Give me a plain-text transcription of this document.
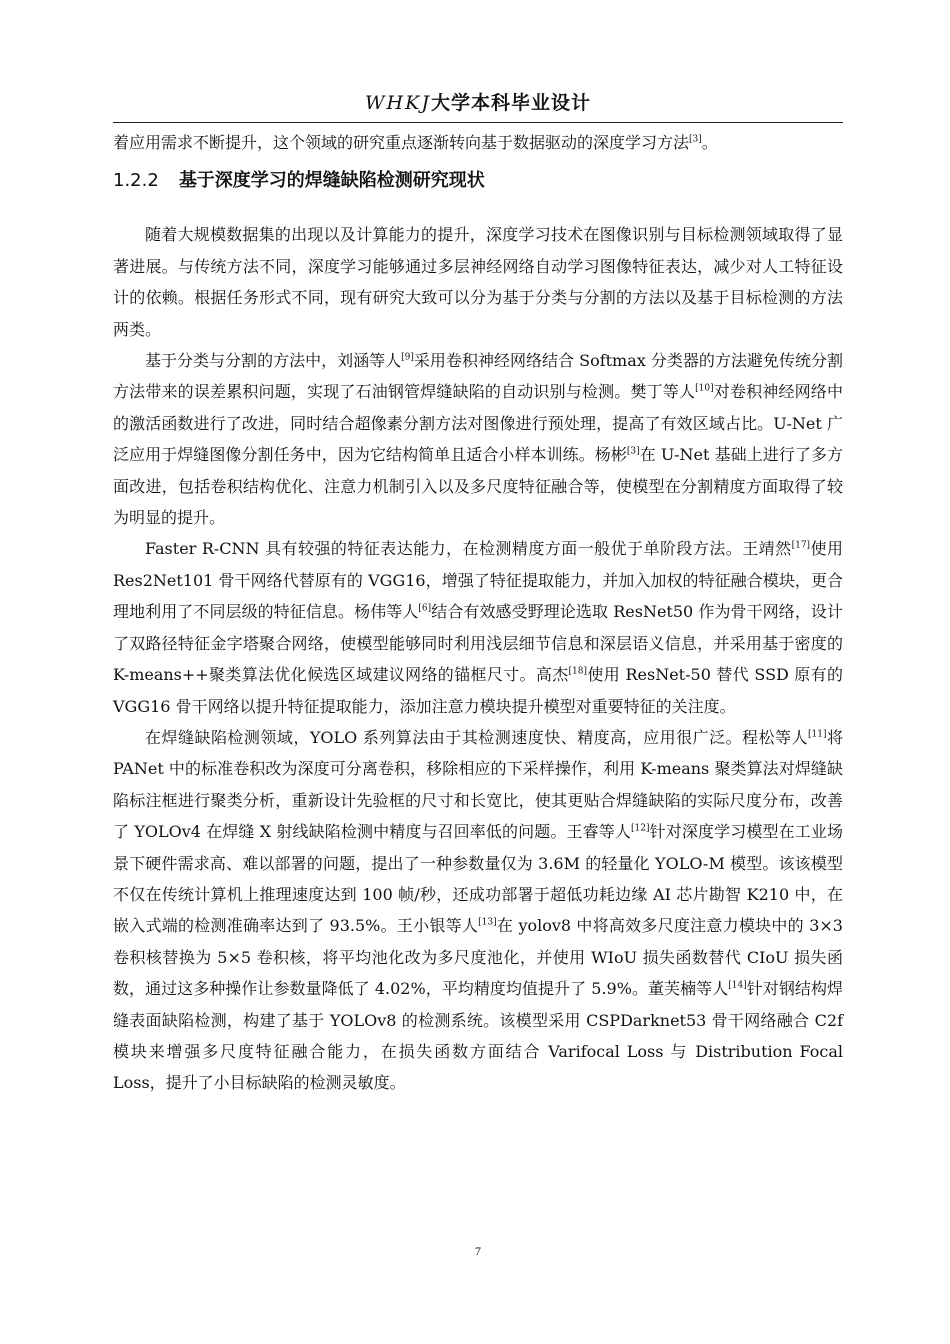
WHKJ大学本科毕业设计

着应用需求不断提升，这个领域的研究重点逐渐转向基于数据驱动的深度学习方法[3]。

1.2.2 基于深度学习的焊缝缺陷检测研究现状

随着大规模数据集的出现以及计算能力的提升，深度学习技术在图像识别与目标检测领域取得了显著进展。与传统方法不同，深度学习能够通过多层神经网络自动学习图像特征表达，减少对人工特征设计的依赖。根据任务形式不同，现有研究大致可以分为基于分类与分割的方法以及基于目标检测的方法两类。

基于分类与分割的方法中，刘涵等人[9]采用卷积神经网络结合 Softmax 分类器的方法避免传统分割方法带来的误差累积问题，实现了石油钢管焊缝缺陷的自动识别与检测。樊丁等人[10]对卷积神经网络中的激活函数进行了改进，同时结合超像素分割方法对图像进行预处理，提高了有效区域占比。U-Net 广泛应用于焊缝图像分割任务中，因为它结构简单且适合小样本训练。杨彬[3]在 U-Net 基础上进行了多方面改进，包括卷积结构优化、注意力机制引入以及多尺度特征融合等，使模型在分割精度方面取得了较为明显的提升。

Faster R-CNN 具有较强的特征表达能力，在检测精度方面一般优于单阶段方法。王靖然[17]使用 Res2Net101 骨干网络代替原有的 VGG16，增强了特征提取能力，并加入加权的特征融合模块，更合理地利用了不同层级的特征信息。杨伟等人[6]结合有效感受野理论选取 ResNet50 作为骨干网络，设计了双路径特征金字塔聚合网络，使模型能够同时利用浅层细节信息和深层语义信息，并采用基于密度的 K-means++聚类算法优化候选区域建议网络的锚框尺寸。高杰[18]使用 ResNet-50 替代 SSD 原有的 VGG16 骨干网络以提升特征提取能力，添加注意力模块提升模型对重要特征的关注度。

在焊缝缺陷检测领域，YOLO 系列算法由于其检测速度快、精度高，应用很广泛。程松等人[11]将 PANet 中的标准卷积改为深度可分离卷积，移除相应的下采样操作，利用 K-means 聚类算法对焊缝缺陷标注框进行聚类分析，重新设计先验框的尺寸和长宽比，使其更贴合焊缝缺陷的实际尺度分布，改善了 YOLOv4 在焊缝 X 射线缺陷检测中精度与召回率低的问题。王睿等人[12]针对深度学习模型在工业场景下硬件需求高、难以部署的问题，提出了一种参数量仅为 3.6M 的轻量化 YOLO-M 模型。该该模型不仅在传统计算机上推理速度达到 100 帧/秒，还成功部署于超低功耗边缘 AI 芯片勘智 K210 中，在嵌入式端的检测准确率达到了 93.5%。王小银等人[13]在 yolov8 中将高效多尺度注意力模块中的 3×3 卷积核替换为 5×5 卷积核，将平均池化改为多尺度池化，并使用 WIoU 损失函数替代 CIoU 损失函数，通过这多种操作让参数量降低了 4.02%，平均精度均值提升了 5.9%。董芙楠等人[14]针对钢结构焊缝表面缺陷检测，构建了基于 YOLOv8 的检测系统。该模型采用 CSPDarknet53 骨干网络融合 C2f 模块来增强多尺度特征融合能力，在损失函数方面结合 Varifocal Loss 与 Distribution Focal Loss，提升了小目标缺陷的检测灵敏度。

7
